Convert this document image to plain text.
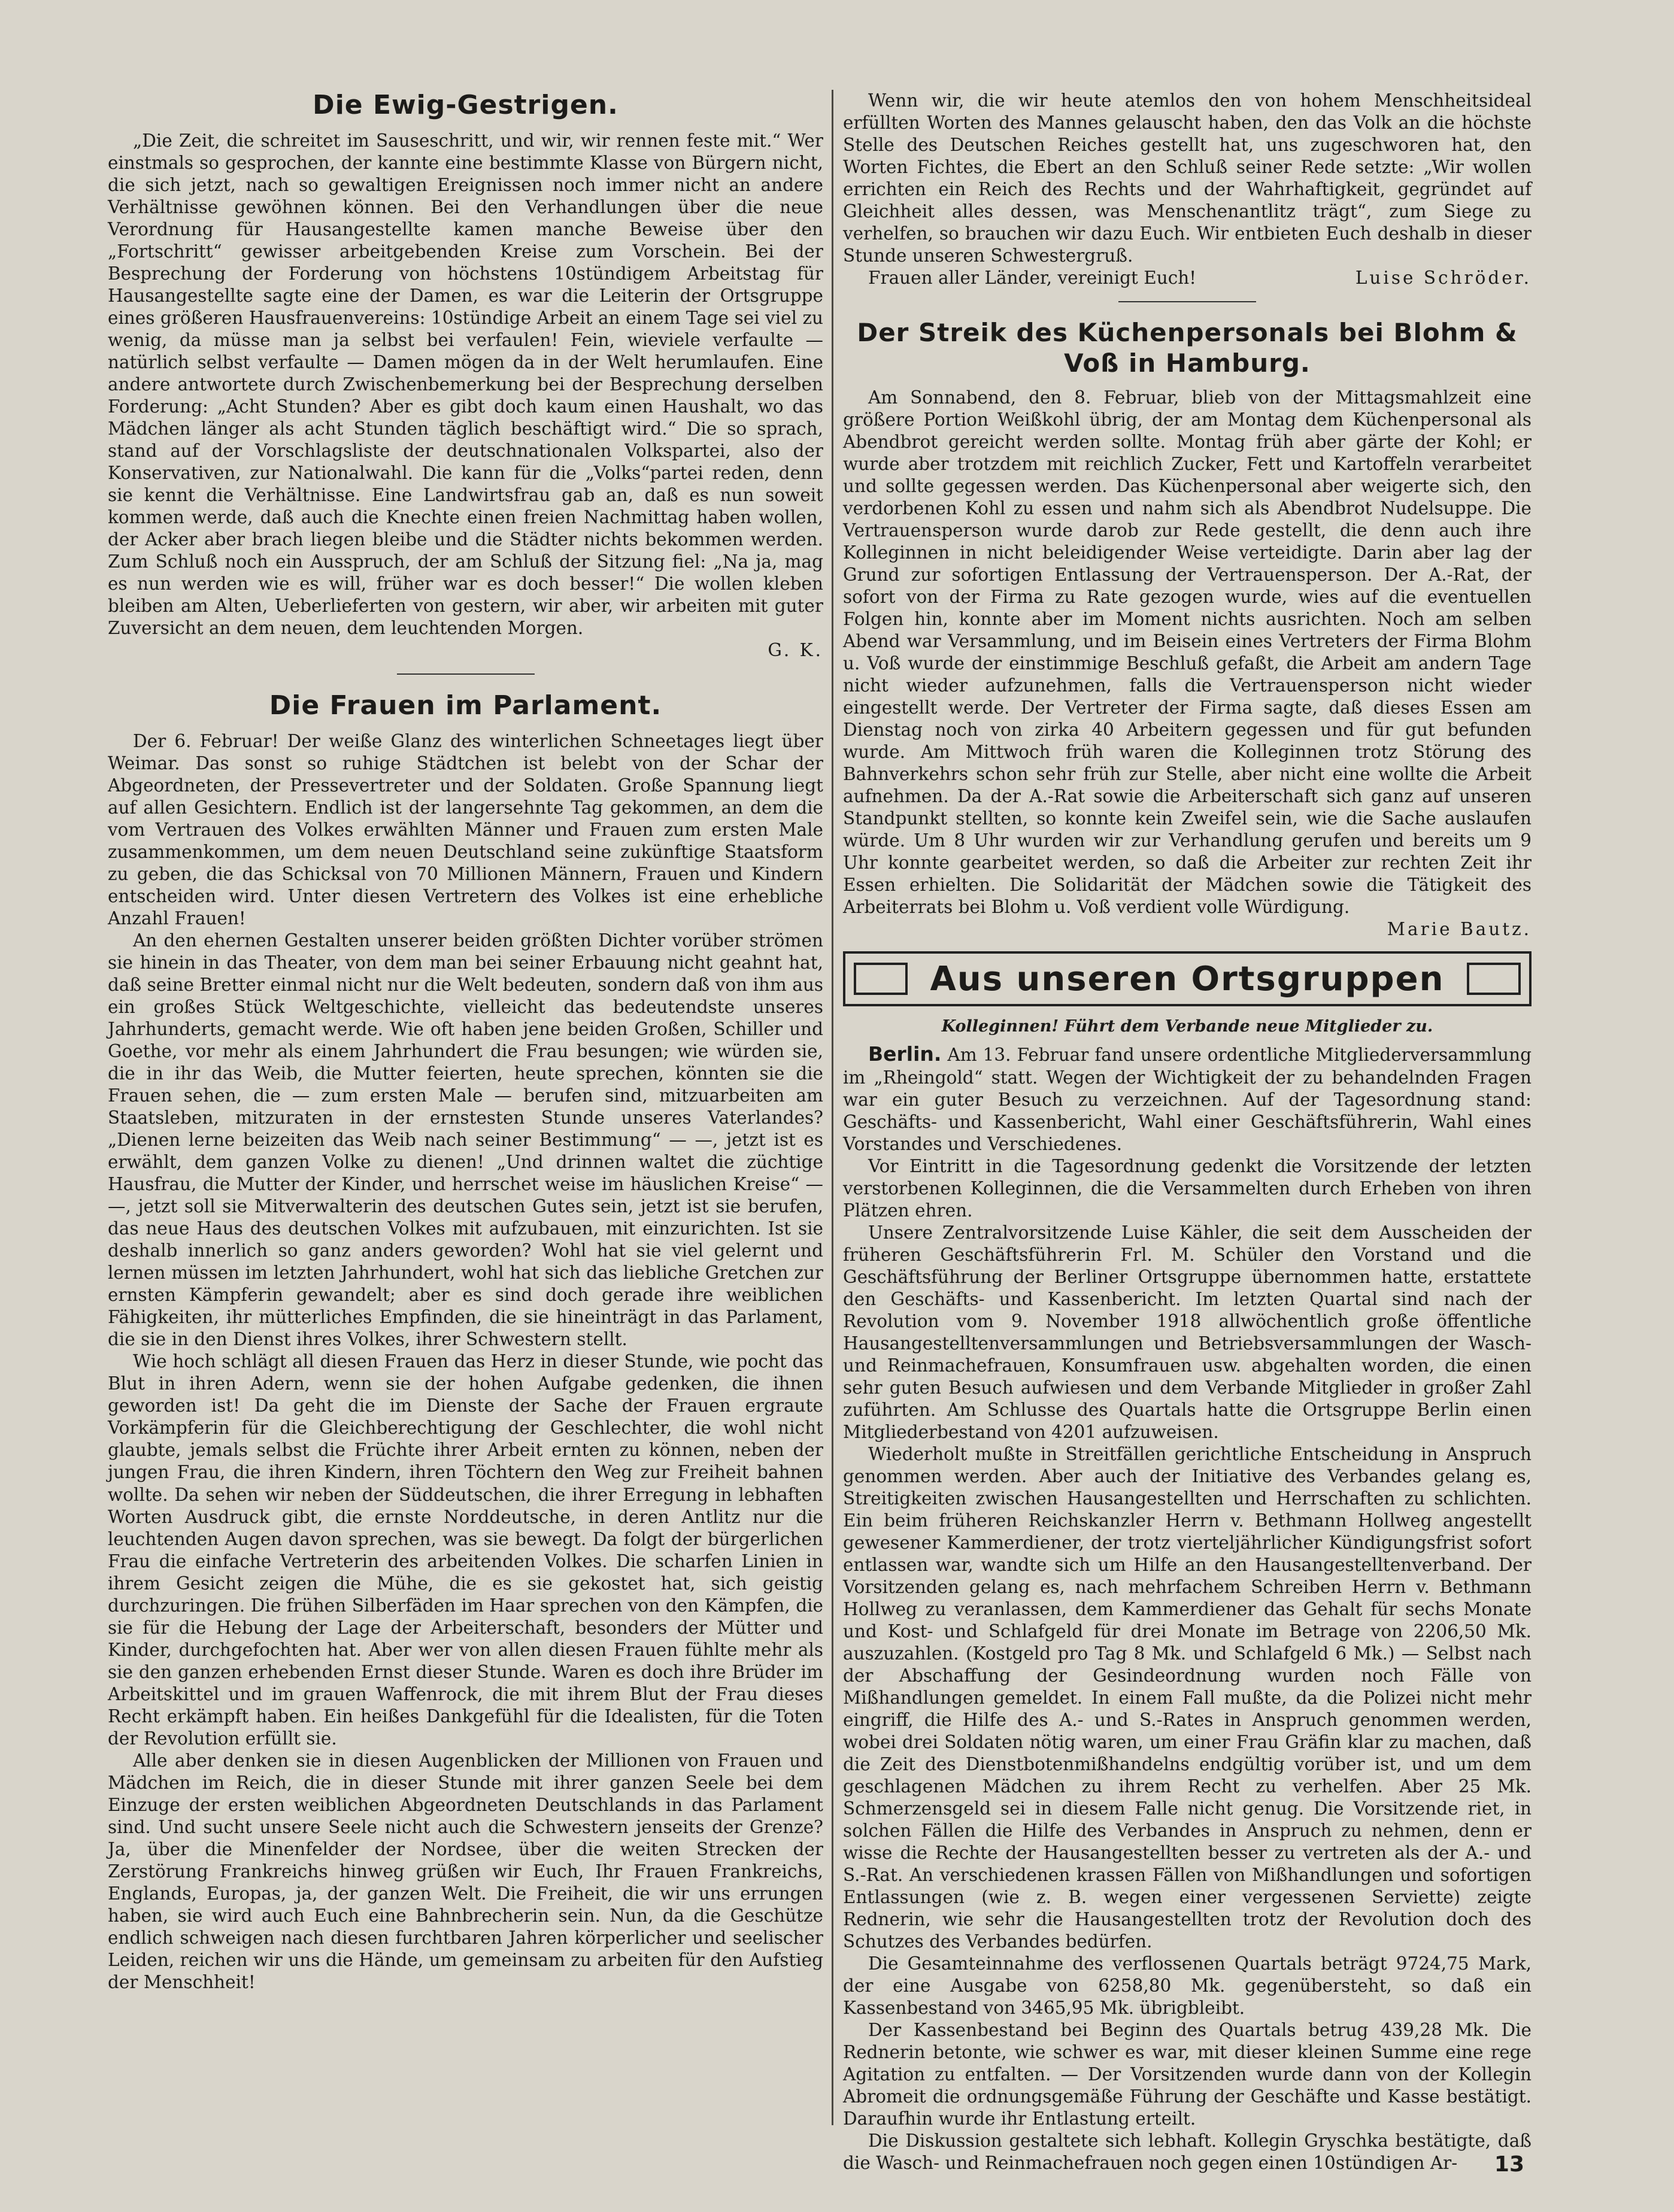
Die Ewig-Gestrigen.

„Die Zeit, die schreitet im Sauseschritt, und wir, wir rennen feste mit.“ Wer einstmals so gesprochen, der kannte eine bestimmte Klasse von Bürgern nicht, die sich jetzt, nach so gewaltigen Ereignissen noch immer nicht an andere Verhältnisse gewöhnen können. Bei den Verhandlungen über die neue Verordnung für Hausangestellte kamen manche Beweise über den „Fortschritt“ gewisser arbeitgebenden Kreise zum Vorschein. Bei der Besprechung der Forderung von höchstens 10stündigem Arbeitstag für Hausangestellte sagte eine der Damen, es war die Leiterin der Ortsgruppe eines größeren Hausfrauenvereins: 10stündige Arbeit an einem Tage sei viel zu wenig, da müsse man ja selbst bei verfaulen! Fein, wieviele verfaulte — natürlich selbst verfaulte — Damen mögen da in der Welt herumlaufen. Eine andere antwortete durch Zwischenbemerkung bei der Besprechung derselben Forderung: „Acht Stunden? Aber es gibt doch kaum einen Haushalt, wo das Mädchen länger als acht Stunden täglich beschäftigt wird.“ Die so sprach, stand auf der Vorschlagsliste der deutschnationalen Volkspartei, also der Konservativen, zur Nationalwahl. Die kann für die „Volks“partei reden, denn sie kennt die Verhältnisse. Eine Landwirtsfrau gab an, daß es nun soweit kommen werde, daß auch die Knechte einen freien Nachmittag haben wollen, der Acker aber brach liegen bleibe und die Städter nichts bekommen werden. Zum Schluß noch ein Ausspruch, der am Schluß der Sitzung fiel: „Na ja, mag es nun werden wie es will, früher war es doch besser!“ Die wollen kleben bleiben am Alten, Ueberlieferten von gestern, wir aber, wir arbeiten mit guter Zuversicht an dem neuen, dem leuchtenden Morgen.

G. K.
Die Frauen im Parlament.

Der 6. Februar! Der weiße Glanz des winterlichen Schneetages liegt über Weimar. Das sonst so ruhige Städtchen ist belebt von der Schar der Abgeordneten, der Pressevertreter und der Soldaten. Große Spannung liegt auf allen Gesichtern. Endlich ist der langersehnte Tag gekommen, an dem die vom Vertrauen des Volkes erwählten Männer und Frauen zum ersten Male zusammenkommen, um dem neuen Deutschland seine zukünftige Staatsform zu geben, die das Schicksal von 70 Millionen Männern, Frauen und Kindern entscheiden wird. Unter diesen Vertretern des Volkes ist eine erhebliche Anzahl Frauen!

An den ehernen Gestalten unserer beiden größten Dichter vorüber strömen sie hinein in das Theater, von dem man bei seiner Erbauung nicht geahnt hat, daß seine Bretter einmal nicht nur die Welt bedeuten, sondern daß von ihm aus ein großes Stück Weltgeschichte, vielleicht das bedeutendste unseres Jahrhunderts, gemacht werde. Wie oft haben jene beiden Großen, Schiller und Goethe, vor mehr als einem Jahrhundert die Frau besungen; wie würden sie, die in ihr das Weib, die Mutter feierten, heute sprechen, könnten sie die Frauen sehen, die — zum ersten Male — berufen sind, mitzuarbeiten am Staatsleben, mitzuraten in der ernstesten Stunde unseres Vaterlandes? „Dienen lerne beizeiten das Weib nach seiner Bestimmung“ — —, jetzt ist es erwählt, dem ganzen Volke zu dienen! „Und drinnen waltet die züchtige Hausfrau, die Mutter der Kinder, und herrschet weise im häuslichen Kreise“ — —, jetzt soll sie Mitverwalterin des deutschen Gutes sein, jetzt ist sie berufen, das neue Haus des deutschen Volkes mit aufzubauen, mit einzurichten. Ist sie deshalb innerlich so ganz anders geworden? Wohl hat sie viel gelernt und lernen müssen im letzten Jahrhundert, wohl hat sich das liebliche Gretchen zur ernsten Kämpferin gewandelt; aber es sind doch gerade ihre weiblichen Fähigkeiten, ihr mütterliches Empfinden, die sie hineinträgt in das Parlament, die sie in den Dienst ihres Volkes, ihrer Schwestern stellt.

Wie hoch schlägt all diesen Frauen das Herz in dieser Stunde, wie pocht das Blut in ihren Adern, wenn sie der hohen Aufgabe gedenken, die ihnen geworden ist! Da geht die im Dienste der Sache der Frauen ergraute Vorkämpferin für die Gleichberechtigung der Geschlechter, die wohl nicht glaubte, jemals selbst die Früchte ihrer Arbeit ernten zu können, neben der jungen Frau, die ihren Kindern, ihren Töchtern den Weg zur Freiheit bahnen wollte. Da sehen wir neben der Süddeutschen, die ihrer Erregung in lebhaften Worten Ausdruck gibt, die ernste Norddeutsche, in deren Antlitz nur die leuchtenden Augen davon sprechen, was sie bewegt. Da folgt der bürgerlichen Frau die einfache Vertreterin des arbeitenden Volkes. Die scharfen Linien in ihrem Gesicht zeigen die Mühe, die es sie gekostet hat, sich geistig durchzuringen. Die frühen Silberfäden im Haar sprechen von den Kämpfen, die sie für die Hebung der Lage der Arbeiterschaft, besonders der Mütter und Kinder, durchgefochten hat. Aber wer von allen diesen Frauen fühlte mehr als sie den ganzen erhebenden Ernst dieser Stunde. Waren es doch ihre Brüder im Arbeitskittel und im grauen Waffenrock, die mit ihrem Blut der Frau dieses Recht erkämpft haben. Ein heißes Dankgefühl für die Idealisten, für die Toten der Revolution erfüllt sie.

Alle aber denken sie in diesen Augenblicken der Millionen von Frauen und Mädchen im Reich, die in dieser Stunde mit ihrer ganzen Seele bei dem Einzuge der ersten weiblichen Abgeordneten Deutschlands in das Parlament sind. Und sucht unsere Seele nicht auch die Schwestern jenseits der Grenze? Ja, über die Minenfelder der Nordsee, über die weiten Strecken der Zerstörung Frankreichs hinweg grüßen wir Euch, Ihr Frauen Frankreichs, Englands, Europas, ja, der ganzen Welt. Die Freiheit, die wir uns errungen haben, sie wird auch Euch eine Bahnbrecherin sein. Nun, da die Geschütze endlich schweigen nach diesen furchtbaren Jahren körperlicher und seelischer Leiden, reichen wir uns die Hände, um gemeinsam zu arbeiten für den Aufstieg der Menschheit!

Wenn wir, die wir heute atemlos den von hohem Menschheitsideal erfüllten Worten des Mannes gelauscht haben, den das Volk an die höchste Stelle des Deutschen Reiches gestellt hat, uns zugeschworen hat, den Worten Fichtes, die Ebert an den Schluß seiner Rede setzte: „Wir wollen errichten ein Reich des Rechts und der Wahrhaftigkeit, gegründet auf Gleichheit alles dessen, was Menschenantlitz trägt“, zum Siege zu verhelfen, so brauchen wir dazu Euch. Wir entbieten Euch deshalb in dieser Stunde unseren Schwestergruß.

Frauen aller Länder, vereinigt Euch!	Luise Schröder.
Der Streik des Küchenpersonals bei Blohm & Voß in Hamburg.

Am Sonnabend, den 8. Februar, blieb von der Mittagsmahlzeit eine größere Portion Weißkohl übrig, der am Montag dem Küchenpersonal als Abendbrot gereicht werden sollte. Montag früh aber gärte der Kohl; er wurde aber trotzdem mit reichlich Zucker, Fett und Kartoffeln verarbeitet und sollte gegessen werden. Das Küchenpersonal aber weigerte sich, den verdorbenen Kohl zu essen und nahm sich als Abendbrot Nudelsuppe. Die Vertrauensperson wurde darob zur Rede gestellt, die denn auch ihre Kolleginnen in nicht beleidigender Weise verteidigte. Darin aber lag der Grund zur sofortigen Entlassung der Vertrauensperson. Der A.-Rat, der sofort von der Firma zu Rate gezogen wurde, wies auf die eventuellen Folgen hin, konnte aber im Moment nichts ausrichten. Noch am selben Abend war Versammlung, und im Beisein eines Vertreters der Firma Blohm u. Voß wurde der einstimmige Beschluß gefaßt, die Arbeit am andern Tage nicht wieder aufzunehmen, falls die Vertrauensperson nicht wieder eingestellt werde. Der Vertreter der Firma sagte, daß dieses Essen am Dienstag noch von zirka 40 Arbeitern gegessen und für gut befunden wurde. Am Mittwoch früh waren die Kolleginnen trotz Störung des Bahnverkehrs schon sehr früh zur Stelle, aber nicht eine wollte die Arbeit aufnehmen. Da der A.-Rat sowie die Arbeiterschaft sich ganz auf unseren Standpunkt stellten, so konnte kein Zweifel sein, wie die Sache auslaufen würde. Um 8 Uhr wurden wir zur Verhandlung gerufen und bereits um 9 Uhr konnte gearbeitet werden, so daß die Arbeiter zur rechten Zeit ihr Essen erhielten. Die Solidarität der Mädchen sowie die Tätigkeit des Arbeiterrats bei Blohm u. Voß verdient volle Würdigung.

Marie Bautz.
Aus unseren Ortsgruppen
Kolleginnen! Führt dem Verbande neue Mitglieder zu.

Berlin. Am 13. Februar fand unsere ordentliche Mitgliederversammlung im „Rheingold“ statt. Wegen der Wichtigkeit der zu behandelnden Fragen war ein guter Besuch zu verzeichnen. Auf der Tagesordnung stand: Geschäfts- und Kassenbericht, Wahl einer Geschäftsführerin, Wahl eines Vorstandes und Verschiedenes.

Vor Eintritt in die Tagesordnung gedenkt die Vorsitzende der letzten verstorbenen Kolleginnen, die die Versammelten durch Erheben von ihren Plätzen ehren.

Unsere Zentralvorsitzende Luise Kähler, die seit dem Ausscheiden der früheren Geschäftsführerin Frl. M. Schüler den Vorstand und die Geschäftsführung der Berliner Ortsgruppe übernommen hatte, erstattete den Geschäfts- und Kassenbericht. Im letzten Quartal sind nach der Revolution vom 9. November 1918 allwöchentlich große öffentliche Hausangestelltenversammlungen und Betriebsversammlungen der Wasch- und Reinmachefrauen, Konsumfrauen usw. abgehalten worden, die einen sehr guten Besuch aufwiesen und dem Verbande Mitglieder in großer Zahl zuführten. Am Schlusse des Quartals hatte die Ortsgruppe Berlin einen Mitgliederbestand von 4201 aufzuweisen.

Wiederholt mußte in Streitfällen gerichtliche Entscheidung in Anspruch genommen werden. Aber auch der Initiative des Verbandes gelang es, Streitigkeiten zwischen Hausangestellten und Herrschaften zu schlichten. Ein beim früheren Reichskanzler Herrn v. Bethmann Hollweg angestellt gewesener Kammerdiener, der trotz vierteljährlicher Kündigungsfrist sofort entlassen war, wandte sich um Hilfe an den Hausangestelltenverband. Der Vorsitzenden gelang es, nach mehrfachem Schreiben Herrn v. Bethmann Hollweg zu veranlassen, dem Kammerdiener das Gehalt für sechs Monate und Kost- und Schlafgeld für drei Monate im Betrage von 2206,50 Mk. auszuzahlen. (Kostgeld pro Tag 8 Mk. und Schlafgeld 6 Mk.) — Selbst nach der Abschaffung der Gesindeordnung wurden noch Fälle von Mißhandlungen gemeldet. In einem Fall mußte, da die Polizei nicht mehr eingriff, die Hilfe des A.- und S.-Rates in Anspruch genommen werden, wobei drei Soldaten nötig waren, um einer Frau Gräfin klar zu machen, daß die Zeit des Dienstbotenmißhandelns endgültig vorüber ist, und um dem geschlagenen Mädchen zu ihrem Recht zu verhelfen. Aber 25 Mk. Schmerzensgeld sei in diesem Falle nicht genug. Die Vorsitzende riet, in solchen Fällen die Hilfe des Verbandes in Anspruch zu nehmen, denn er wisse die Rechte der Hausangestellten besser zu vertreten als der A.- und S.-Rat. An verschiedenen krassen Fällen von Mißhandlungen und sofortigen Entlassungen (wie z. B. wegen einer vergessenen Serviette) zeigte Rednerin, wie sehr die Hausangestellten trotz der Revolution doch des Schutzes des Verbandes bedürfen.

Die Gesamteinnahme des verflossenen Quartals beträgt 9724,75 Mark, der eine Ausgabe von 6258,80 Mk. gegenübersteht, so daß ein Kassenbestand von 3465,95 Mk. übrigbleibt.

Der Kassenbestand bei Beginn des Quartals betrug 439,28 Mk. Die Rednerin betonte, wie schwer es war, mit dieser kleinen Summe eine rege Agitation zu entfalten. — Der Vorsitzenden wurde dann von der Kollegin Abromeit die ordnungsgemäße Führung der Geschäfte und Kasse bestätigt. Daraufhin wurde ihr Entlastung erteilt.

Die Diskussion gestaltete sich lebhaft. Kollegin Gryschka bestätigte, daß die Wasch- und Reinmachefrauen noch gegen einen 10stündigen Ar-	13
